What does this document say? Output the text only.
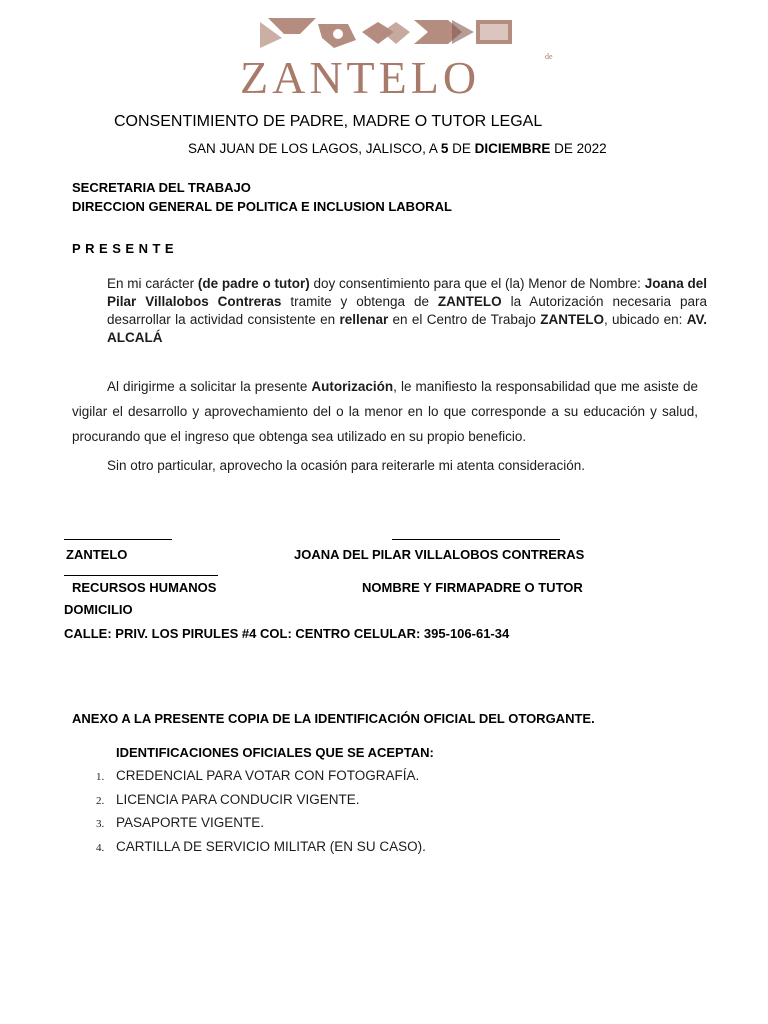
ZANTELO	de
CONSENTIMIENTO DE PADRE, MADRE O TUTOR LEGAL
SAN JUAN DE LOS LAGOS, JALISCO, A 5 DE DICIEMBRE DE 2022
SECRETARIA DEL TRABAJO
DIRECCION GENERAL DE POLITICA E INCLUSION LABORAL
PRESENTE
En mi carácter (de padre o tutor) doy consentimiento para que el (la) Menor de Nombre: Joana del Pilar Villalobos Contreras tramite y obtenga de ZANTELO la Autorización necesaria para desarrollar la actividad consistente en rellenar en el Centro de Trabajo ZANTELO, ubicado en: AV. ALCALÁ
Al dirigirme a solicitar la presente Autorización, le manifiesto la responsabilidad que me asiste de vigilar el desarrollo y aprovechamiento del o la menor en lo que corresponde a su educación y salud, procurando que el ingreso que obtenga sea utilizado en su propio beneficio.
Sin otro particular, aprovecho la ocasión para reiterarle mi atenta consideración.
ZANTELO	JOANA DEL PILAR VILLALOBOS CONTRERAS
RECURSOS HUMANOS	NOMBRE Y FIRMAPADRE O TUTOR
DOMICILIO
CALLE: PRIV. LOS PIRULES #4 COL: CENTRO CELULAR: 395-106-61-34
ANEXO A LA PRESENTE COPIA DE LA IDENTIFICACIÓN OFICIAL DEL OTORGANTE.
IDENTIFICACIONES OFICIALES QUE SE ACEPTAN:
1. CREDENCIAL PARA VOTAR CON FOTOGRAFÍA.
2. LICENCIA PARA CONDUCIR VIGENTE.
3. PASAPORTE VIGENTE.
4. CARTILLA DE SERVICIO MILITAR (EN SU CASO).
